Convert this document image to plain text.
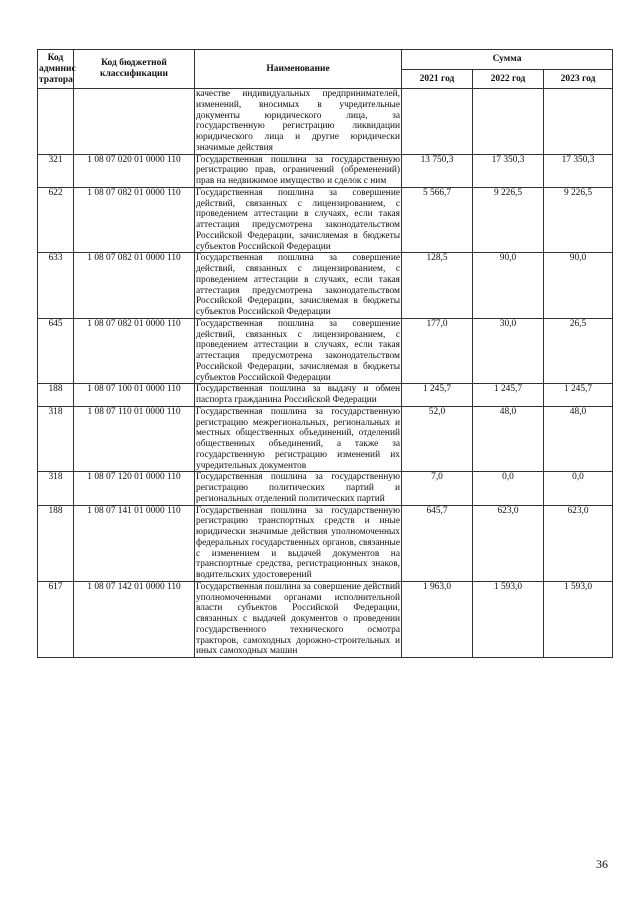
Код админис тратора	Код бюджетной классификации	Наименование	Сумма		
			2021 год	2022 год	2023 год
		качестве индивидуальных предпринимателей, изменений, вносимых в учредительные документы юридического лица, за государственную регистрацию ликвидации юридического лица и другие юридически значимые действия			
321	1 08 07 020 01 0000 110	Государственная пошлина за государственную регистрацию прав, ограничений (обременений) прав на недвижимое имущество и сделок с ним	13 750,3	17 350,3	17 350,3
622	1 08 07 082 01 0000 110	Государственная пошлина за совершение действий, связанных с лицензированием, с проведением аттестации в случаях, если такая аттестация предусмотрена законодательством Российской Федерации, зачисляемая в бюджеты субъектов Российской Федерации	5 566,7	9 226,5	9 226,5
633	1 08 07 082 01 0000 110	Государственная пошлина за совершение действий, связанных с лицензированием, с проведением аттестации в случаях, если такая аттестация предусмотрена законодательством Российской Федерации, зачисляемая в бюджеты субъектов Российской Федерации	128,5	90,0	90,0
645	1 08 07 082 01 0000 110	Государственная пошлина за совершение действий, связанных с лицензированием, с проведением аттестации в случаях, если такая аттестация предусмотрена законодательством Российской Федерации, зачисляемая в бюджеты субъектов Российской Федерации	177,0	30,0	26,5
188	1 08 07 100 01 0000 110	Государственная пошлина за выдачу и обмен паспорта гражданина Российской Федерации	1 245,7	1 245,7	1 245,7
318	1 08 07 110 01 0000 110	Государственная пошлина за государственную регистрацию межрегиональных, региональных и местных общественных объединений, отделений общественных объединений, а также за государственную регистрацию изменений их учредительных документов	52,0	48,0	48,0
318	1 08 07 120 01 0000 110	Государственная пошлина за государственную регистрацию политических партий и региональных отделений политических партий	7,0	0,0	0,0
188	1 08 07 141 01 0000 110	Государственная пошлина за государственную регистрацию транспортных средств и иные юридически значимые действия уполномоченных федеральных государственных органов, связанные с изменением и выдачей документов на транспортные средства, регистрационных знаков, водительских удостоверений	645,7	623,0	623,0
617	1 08 07 142 01 0000 110	Государственная пошлина за совершение действий уполномоченными органами исполнительной власти субъектов Российской Федерации, связанных с выдачей документов о проведении государственного технического осмотра тракторов, самоходных дорожно-строительных и иных самоходных машин	1 963,0	1 593,0	1 593,0
36
